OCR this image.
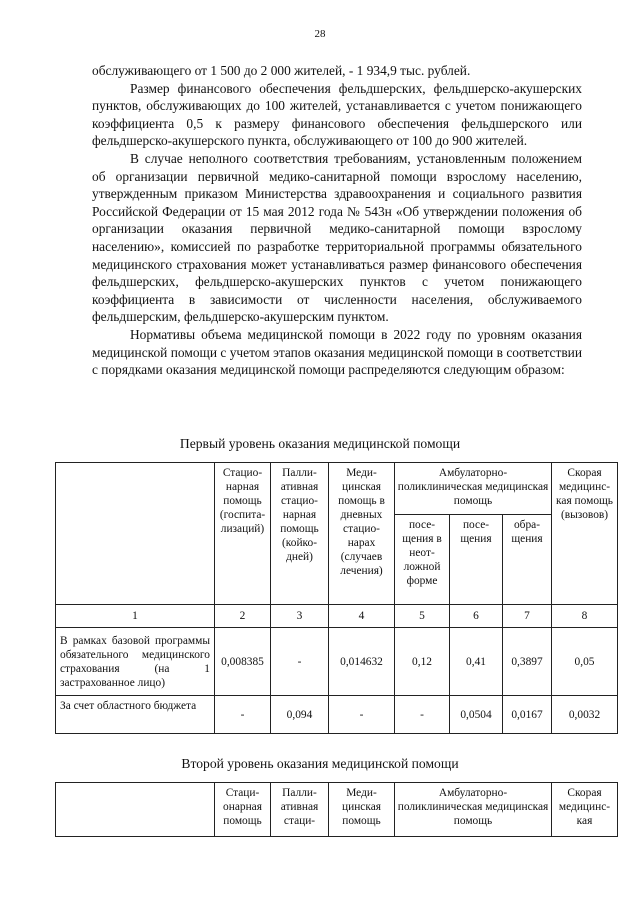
28

обслуживающего от 1 500 до 2 000 жителей, - 1 934,9 тыс. рублей.

Размер финансового обеспечения фельдшерских, фельдшерско-акушерских пунктов, обслуживающих до 100 жителей, устанавливается с учетом понижающего коэффициента 0,5 к размеру финансового обеспечения фельдшерского или фельдшерско-акушерского пункта, обслуживающего от 100 до 900 жителей.

В случае неполного соответствия требованиям, установленным положением об организации первичной медико-санитарной помощи взрослому населению, утвержденным приказом Министерства здравоохранения и социального развития Российской Федерации от 15 мая 2012 года № 543н «Об утверждении положения об организации оказания первичной медико-санитарной помощи взрослому населению», комиссией по разработке территориальной программы обязательного медицинского страхования может устанавливаться размер финансового обеспечения фельдшерских, фельдшерско-акушерских пунктов с учетом понижающего коэффициента в зависимости от численности населения, обслуживаемого фельдшерским, фельдшерско-акушерским пунктом.

Нормативы объема медицинской помощи в 2022 году по уровням оказания медицинской помощи с учетом этапов оказания медицинской помощи в соответствии с порядками оказания медицинской помощи распределяются следующим образом:

Первый уровень оказания медицинской помощи
	Стацио-нарная помощь (госпита-лизаций)	Палли-ативная стацио-нарная помощь (койко-дней)	Меди-цинская помощь в дневных стацио-нарах (случаев лечения)	Амбулаторно-поликлиническая медицинская помощь			Скорая медицинс-кая помощь (вызовов)
				посе-щения в неот-ложной форме	посе-щения	обра-щения	
1	2	3	4	5	6	7	8
В рамках базовой программы обязательного медицинского страхования (на 1 застрахованное лицо)	0,008385	-	0,014632	0,12	0,41	0,3897	0,05
За счет областного бюджета	-	0,094	-	-	0,0504	0,0167	0,0032
Второй уровень оказания медицинской помощи
	Стаци-онарная помощь	Палли-ативная стаци-	Меди-цинская помощь	Амбулаторно-поликлиническая медицинская помощь	Скорая медицинс-кая
